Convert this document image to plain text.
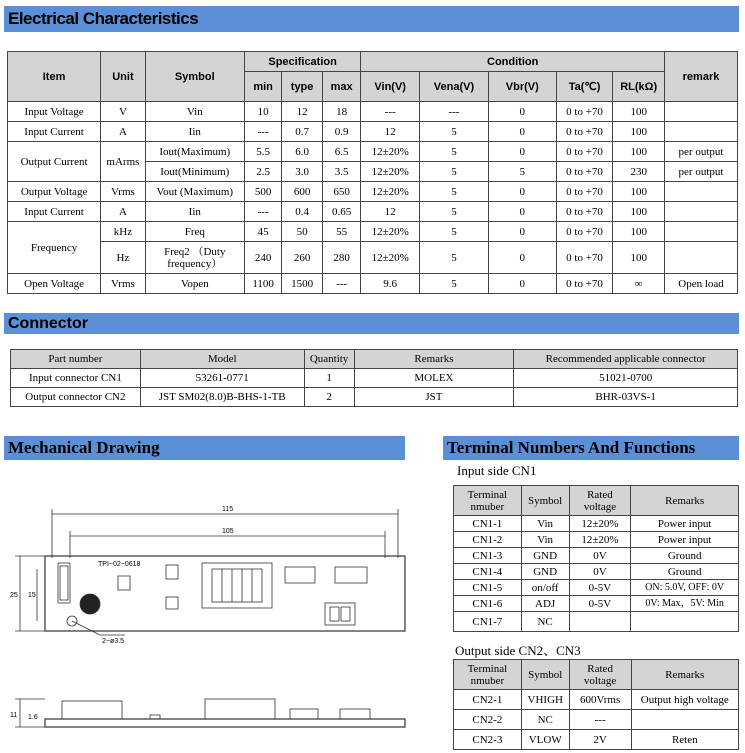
Electrical Characteristics
Item	Unit	Symbol	Specification			Condition					remark
			min	type	max	Vin(V)	Vena(V)	Vbr(V)	Ta(℃)	RL(kΩ)	
Input Voltage	V	Vin	10	12	18	---	---	0	0 to +70	100	
Input Current	A	Iin	---	0.7	0.9	12	5	0	0 to +70	100	
Output Current	mArms	Iout(Maximum)	5.5	6.0	6.5	12±20%	5	0	0 to +70	100	per output
		Iout(Minimum)	2.5	3.0	3.5	12±20%	5	5	0 to +70	230	per output
Output Voltage	Vrms	Vout (Maximum)	500	600	650	12±20%	5	0	0 to +70	100	
Input Current	A	Iin	---	0.4	0.65	12	5	0	0 to +70	100	
Frequency	kHz	Freq	45	50	55	12±20%	5	0	0 to +70	100	
	Hz	Freq2 （Duty frequency）	240	260	280	12±20%	5	0	0 to +70	100	
Open Voltage	Vrms	Vopen	1100	1500	---	9.6	5	0	0 to +70	∞	Open load
Connector
Part number	Model	Quantity	Remarks	Recommended applicable connector
Input connector CN1	53261-0771	1	MOLEX	51021-0700
Output connector CN2	JST SM02(8.0)B-BHS-1-TB	2	JST	BHR-03VS-1
Mechanical Drawing
115
105
25 15
TPI−02−0618
2−ø3.5
11 1.6
Terminal Numbers And Functions
Input side CN1
Terminal nmuber	Symbol	Rated voltage	Remarks
CN1-1	Vin	12±20%	Power input
CN1-2	Vin	12±20%	Power input
CN1-3	GND	0V	Ground
CN1-4	GND	0V	Ground
CN1-5	on/off	0-5V	ON: 5.0V, OFF: 0V
CN1-6	ADJ	0-5V	0V: Max，5V: Min
CN1-7	NC		
Output side CN2、CN3
Terminal nmuber	Symbol	Rated voltage	Remarks
CN2-1	VHIGH	600Vrms	Output high voltage
CN2-2	NC	---	
CN2-3	VLOW	2V	Reten
